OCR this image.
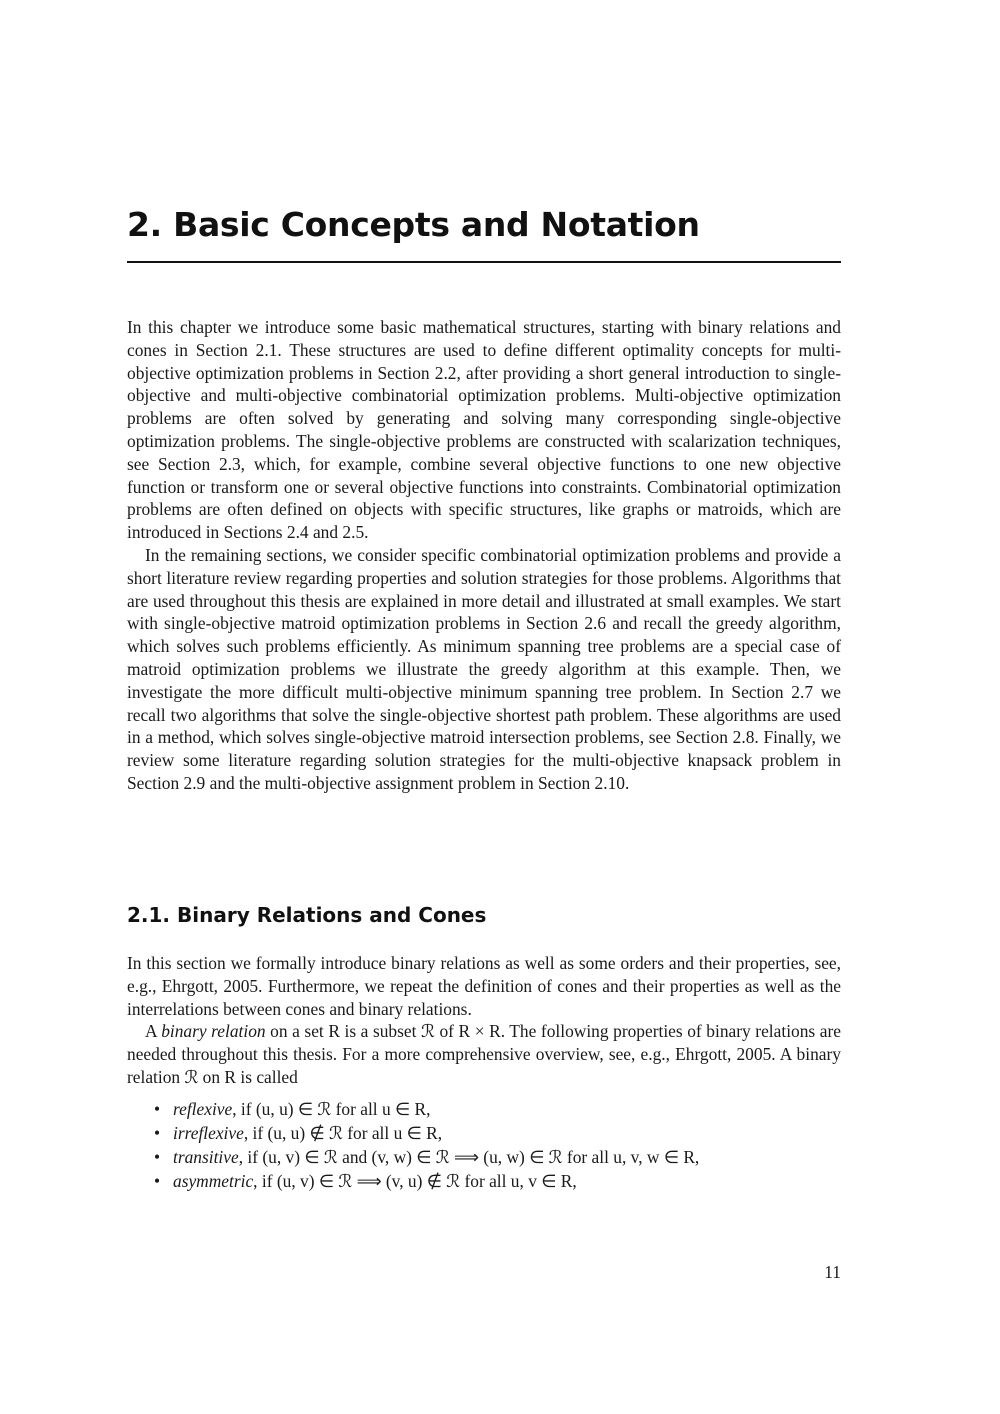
2. Basic Concepts and Notation

In this chapter we introduce some basic mathematical structures, starting with binary relations and cones in Section 2.1. These structures are used to define different optimality concepts for multi-objective optimization problems in Section 2.2, after providing a short general introduction to single-objective and multi-objective combinatorial optimization problems. Multi-objective optimization problems are often solved by generating and solving many corresponding single-objective optimization problems. The single-objective problems are constructed with scalarization techniques, see Section 2.3, which, for example, combine several objective functions to one new objective function or transform one or several objective functions into constraints. Combinatorial optimization problems are often defined on objects with specific structures, like graphs or matroids, which are introduced in Sections 2.4 and 2.5.

In the remaining sections, we consider specific combinatorial optimization problems and provide a short literature review regarding properties and solution strategies for those problems. Algorithms that are used throughout this thesis are explained in more detail and illustrated at small examples. We start with single-objective matroid optimization problems in Section 2.6 and recall the greedy algorithm, which solves such problems efficiently. As minimum spanning tree problems are a special case of matroid optimization problems we illustrate the greedy algorithm at this example. Then, we investigate the more difficult multi-objective minimum spanning tree problem. In Section 2.7 we recall two algorithms that solve the single-objective shortest path problem. These algorithms are used in a method, which solves single-objective matroid intersection problems, see Section 2.8. Finally, we review some literature regarding solution strategies for the multi-objective knapsack problem in Section 2.9 and the multi-objective assignment problem in Section 2.10.

2.1. Binary Relations and Cones

In this section we formally introduce binary relations as well as some orders and their properties, see, e.g., Ehrgott, 2005. Furthermore, we repeat the definition of cones and their properties as well as the interrelations between cones and binary relations.

A binary relation on a set R is a subset ℛ of R × R. The following properties of binary relations are needed throughout this thesis. For a more comprehensive overview, see, e.g., Ehrgott, 2005. A binary relation ℛ on R is called

• reflexive, if (u, u) ∈ ℛ for all u ∈ R,
• irreflexive, if (u, u) ∉ ℛ for all u ∈ R,
• transitive, if (u, v) ∈ ℛ and (v, w) ∈ ℛ ⟹ (u, w) ∈ ℛ for all u, v, w ∈ R,
• asymmetric, if (u, v) ∈ ℛ ⟹ (v, u) ∉ ℛ for all u, v ∈ R,
11
